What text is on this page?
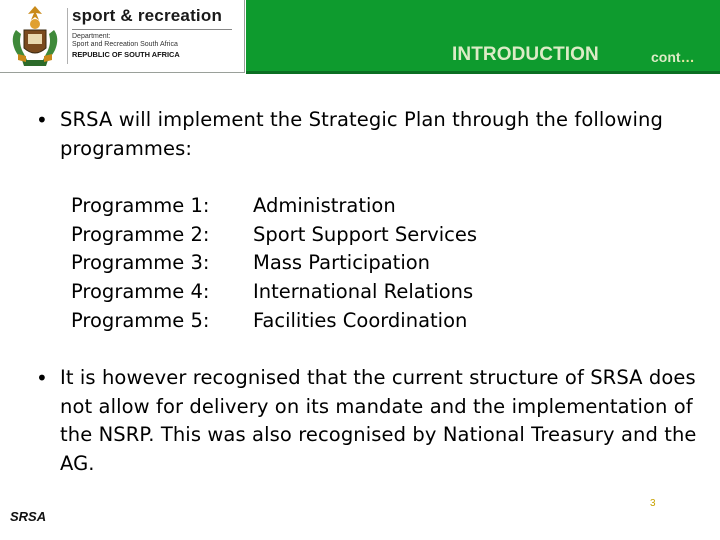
sport & recreation
Department:
Sport and Recreation South Africa
REPUBLIC OF SOUTH AFRICA	INTRODUCTION	cont…
• SRSA will implement the Strategic Plan through the following programmes:
Programme 1: Administration
Programme 2: Sport Support Services
Programme 3: Mass Participation
Programme 4: International Relations
Programme 5: Facilities Coordination
• It is however recognised that the current structure of SRSA does not allow for delivery on its mandate and the implementation of the NSRP. This was also recognised by National Treasury and the AG.
SRSA
3
